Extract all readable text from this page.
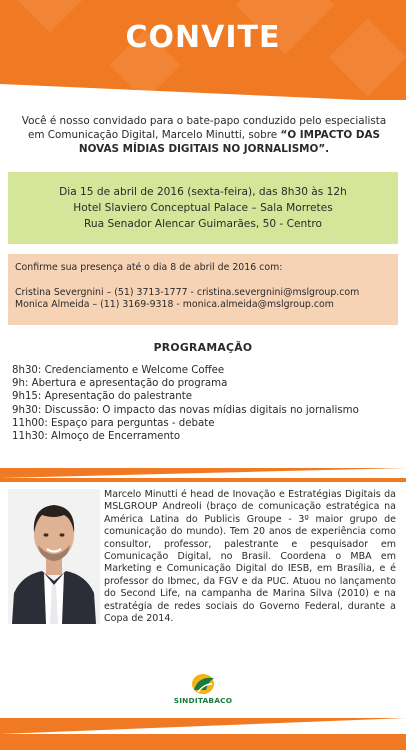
CONVITE
Você é nosso convidado para o bate-papo conduzido pelo especialista em Comunicação Digital, Marcelo Minutti, sobre “O IMPACTO DAS NOVAS MÍDIAS DIGITAIS NO JORNALISMO”.
Dia 15 de abril de 2016 (sexta-feira), das 8h30 às 12h
Hotel Slaviero Conceptual Palace – Sala Morretes
Rua Senador Alencar Guimarães, 50 - Centro
Confirme sua presença até o dia 8 de abril de 2016 com:
Cristina Severgnini – (51) 3713-1777 - cristina.severgnini@mslgroup.com
Monica Almeida – (11) 3169-9318 - monica.almeida@mslgroup.com
PROGRAMAÇÃO
8h30: Credenciamento e Welcome Coffee
9h: Abertura e apresentação do programa
9h15: Apresentação do palestrante
9h30: Discussão: O impacto das novas mídias digitais no jornalismo
11h00: Espaço para perguntas - debate
11h30: Almoço de Encerramento
Marcelo Minutti é head de Inovação e Estratégias Digitais da MSLGROUP Andreoli (braço de comunicação estratégica na América Latina do Publicis Groupe - 3º maior grupo de comunicação do mundo). Tem 20 anos de experiência como consultor, professor, palestrante e pesquisador em Comunicação Digital, no Brasil. Coordena o MBA em Marketing e Comunicação Digital do IESB, em Brasília, e é professor do Ibmec, da FGV e da PUC. Atuou no lançamento do Second Life, na campanha de Marina Silva (2010) e na estratégia de redes sociais do Governo Federal, durante a Copa de 2014.
SINDITABACO
